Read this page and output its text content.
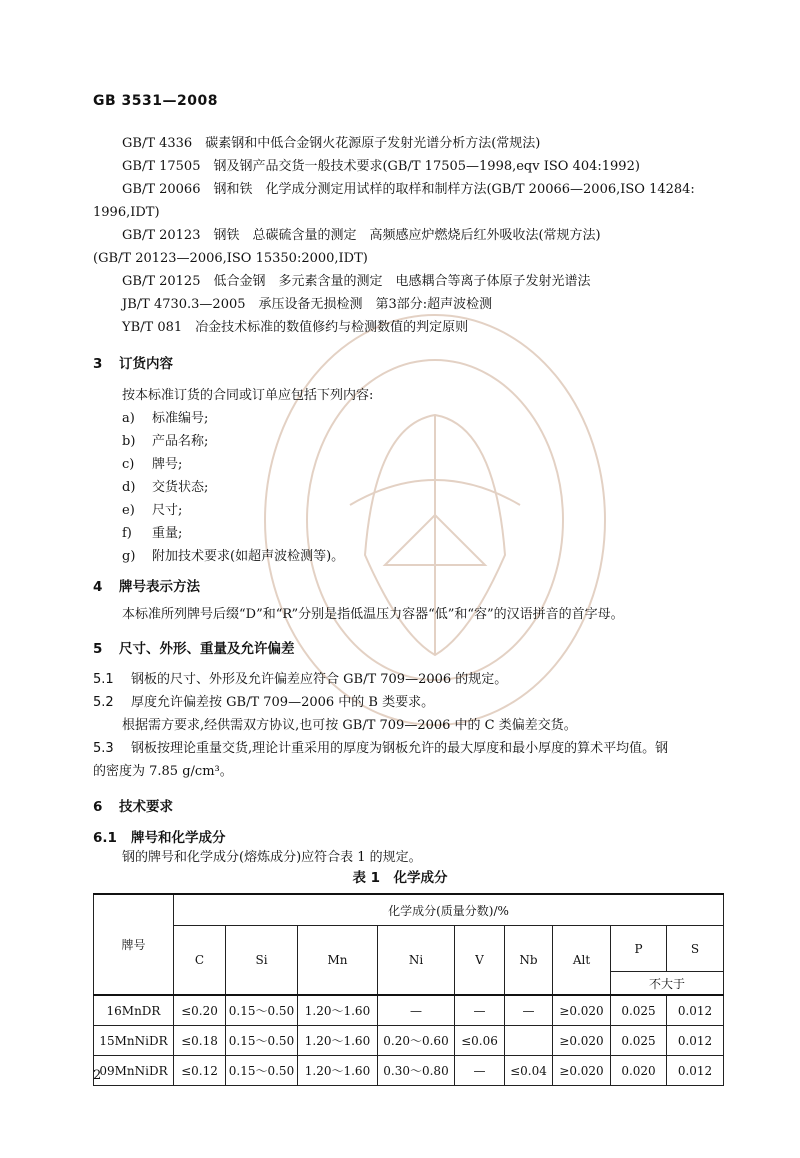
GB 3531—2008
GB/T 4336　碳素钢和中低合金钢火花源原子发射光谱分析方法(常规法)
GB/T 17505　钢及钢产品交货一般技术要求(GB/T 17505—1998,eqv ISO 404:1992)
GB/T 20066　钢和铁　化学成分测定用试样的取样和制样方法(GB/T 20066—2006,ISO 14284:
1996,IDT)
GB/T 20123　钢铁　总碳硫含量的测定　高频感应炉燃烧后红外吸收法(常规方法)
(GB/T 20123—2006,ISO 15350:2000,IDT)
GB/T 20125　低合金钢　多元素含量的测定　电感耦合等离子体原子发射光谱法
JB/T 4730.3—2005　承压设备无损检测　第3部分:超声波检测
YB/T 081　冶金技术标准的数值修约与检测数值的判定原则
3 订货内容
按本标准订货的合同或订单应包括下列内容:
a) 标准编号;
b) 产品名称;
c) 牌号;
d) 交货状态;
e) 尺寸;
f) 重量;
g) 附加技术要求(如超声波检测等)。
4 牌号表示方法
本标准所列牌号后缀“D”和“R”分别是指低温压力容器“低”和“容”的汉语拼音的首字母。
5 尺寸、外形、重量及允许偏差
5.1 钢板的尺寸、外形及允许偏差应符合 GB/T 709—2006 的规定。
5.2 厚度允许偏差按 GB/T 709—2006 中的 B 类要求。
根据需方要求,经供需双方协议,也可按 GB/T 709—2006 中的 C 类偏差交货。
5.3 钢板按理论重量交货,理论计重采用的厚度为钢板允许的最大厚度和最小厚度的算术平均值。钢
的密度为 7.85 g/cm³。
6 技术要求
6.1 牌号和化学成分
钢的牌号和化学成分(熔炼成分)应符合表 1 的规定。
表 1　化学成分
牌号	化学成分(质量分数)/%								
	C	Si	Mn	Ni	V	Nb	Alt	P	S
								不大于	
16MnDR	≤0.20	0.15～0.50	1.20～1.60	—	—	—	≥0.020	0.025	0.012
15MnNiDR	≤0.18	0.15～0.50	1.20～1.60	0.20～0.60	≤0.06		≥0.020	0.025	0.012
09MnNiDR	≤0.12	0.15～0.50	1.20～1.60	0.30～0.80	—	≤0.04	≥0.020	0.020	0.012
2
